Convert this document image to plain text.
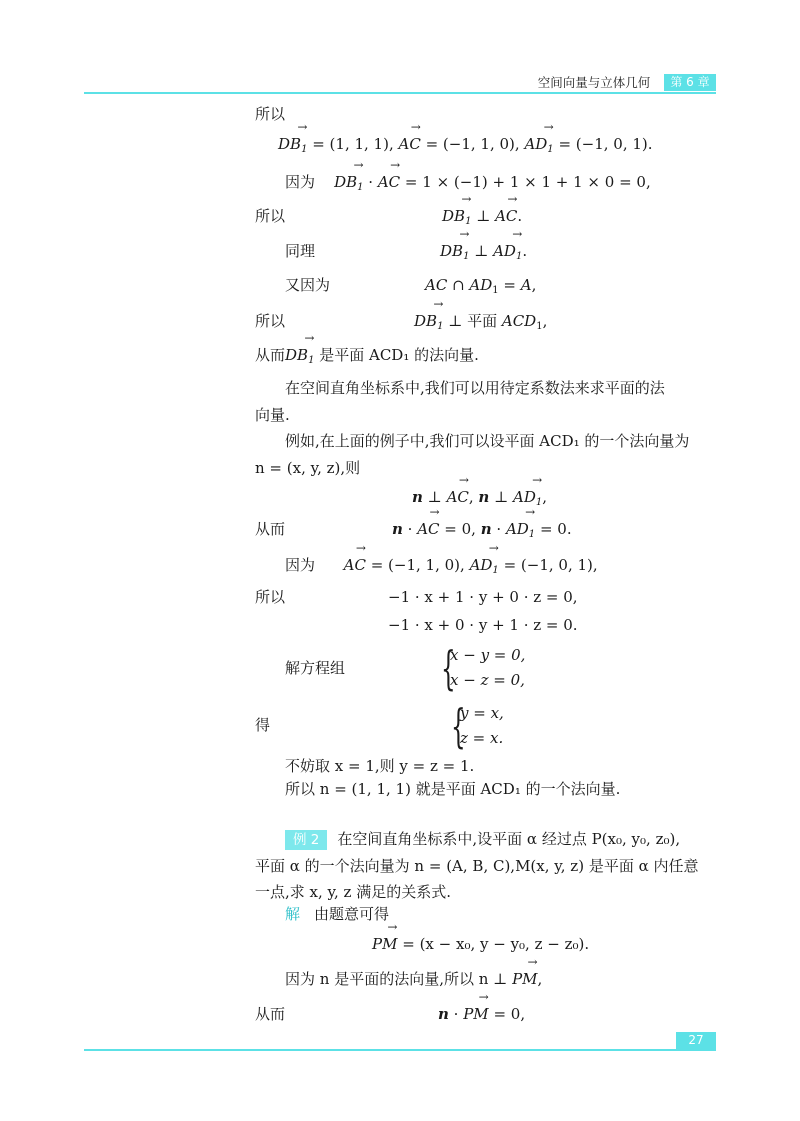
空间向量与立体几何	第 6 章
所以
→ $DB_1 = (1$, 1, 1), → AC = (−1, 1, 0), → $AD_1 = (-1$, 0, 1).
因为 → $DB_1$ · → AC = 1 × (−1) + 1 × 1 + 1 × 0 = 0,
所以	→ $DB_1$ ⊥ → AC.
同理	→ $DB_1$ ⊥ → $AD_1$.
又因为	AC ∩ $AD_1 = A$,
所以	→ $DB_1$ ⊥ 平面 $ACD_1$,
从而→ $DB_1$ 是平面 ACD₁ 的法向量.
在空间直角坐标系中,我们可以用待定系数法来求平面的法
向量.
例如,在上面的例子中,我们可以设平面 ACD₁ 的一个法向量为
n = (x, y, z),则
n ⊥ → AC, n ⊥ → $AD_1$,
从而	n · → AC = 0, n · → $AD_1 = 0$.
因为 → AC = (−1, 1, 0), → $AD_1 = (-1$, 0, 1),
所以	−1 · x + 1 · y + 0 · z = 0,
−1 · x + 0 · y + 1 · z = 0.
解方程组 {
x − y = 0,
x − z = 0,
得	{
y = x,
z = x.
不妨取 x = 1,则 y = z = 1.
所以 n = (1, 1, 1) 就是平面 ACD₁ 的一个法向量.
例 2 在空间直角坐标系中,设平面 α 经过点 P(x₀, y₀, z₀),
平面 α 的一个法向量为 n = (A, B, C),M(x, y, z) 是平面 α 内任意
一点,求 x, y, z 满足的关系式.
解 由题意可得
→ PM = (x − x₀, y − y₀, z − z₀).
因为 n 是平面的法向量,所以 n ⊥ → PM,
从而	n · → PM = 0,
27
